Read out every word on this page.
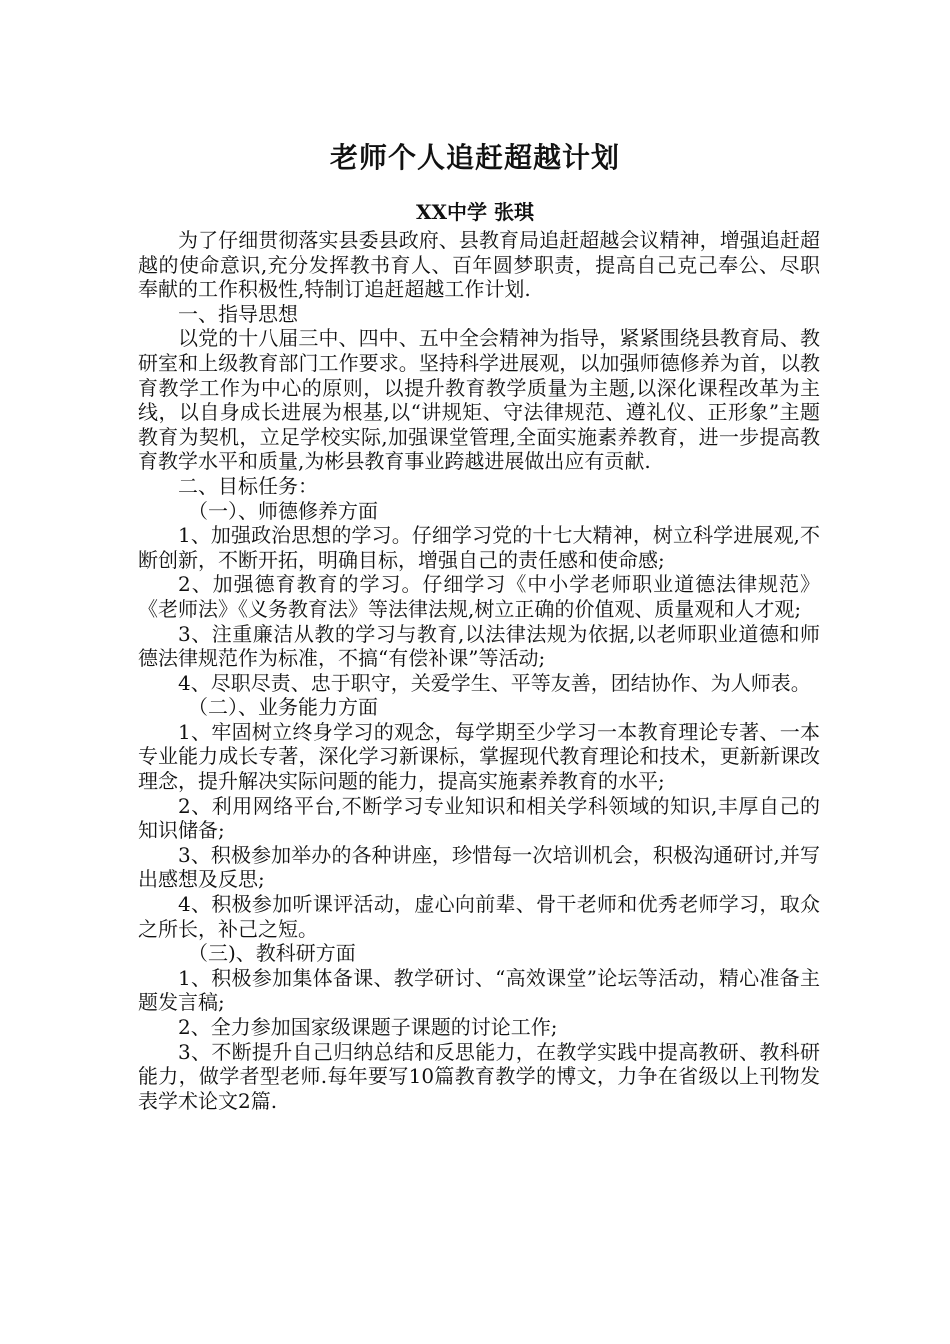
老师个人追赶超越计划
XX中学 张琪

为了仔细贯彻落实县委县政府、县教育局追赶超越会议精神，增强追赶超越的使命意识,充分发挥教书育人、百年圆梦职责，提高自己克己奉公、尽职奉献的工作积极性,特制订追赶超越工作计划.

一、指导思想

以党的十八届三中、四中、五中全会精神为指导，紧紧围绕县教育局、教研室和上级教育部门工作要求。坚持科学进展观，以加强师德修养为首，以教育教学工作为中心的原则，以提升教育教学质量为主题,以深化课程改革为主线，以自身成长进展为根基,以“讲规矩、守法律规范、遵礼仪、正形象”主题教育为契机，立足学校实际,加强课堂管理,全面实施素养教育，进一步提高教育教学水平和质量,为彬县教育事业跨越进展做出应有贡献.

二、目标任务：

（一）、师德修养方面

1、加强政治思想的学习。仔细学习党的十七大精神，树立科学进展观,不断创新，不断开拓，明确目标，增强自己的责任感和使命感;

2、加强德育教育的学习。仔细学习《中小学老师职业道德法律规范》《老师法》《义务教育法》等法律法规,树立正确的价值观、质量观和人才观;

3、注重廉洁从教的学习与教育,以法律法规为依据,以老师职业道德和师德法律规范作为标准，不搞“有偿补课”等活动;

4、尽职尽责、忠于职守，关爱学生、平等友善，团结协作、为人师表。

（二）、业务能力方面

1、牢固树立终身学习的观念，每学期至少学习一本教育理论专著、一本专业能力成长专著，深化学习新课标，掌握现代教育理论和技术，更新新课改理念，提升解决实际问题的能力，提高实施素养教育的水平;

2、利用网络平台,不断学习专业知识和相关学科领域的知识,丰厚自己的知识储备;

3、积极参加举办的各种讲座，珍惜每一次培训机会，积极沟通研讨,并写出感想及反思;

4、积极参加听课评活动，虚心向前辈、骨干老师和优秀老师学习，取众之所长，补己之短。

（三)、教科研方面

1、积极参加集体备课、教学研讨、“高效课堂”论坛等活动，精心准备主题发言稿;

2、全力参加国家级课题子课题的讨论工作;

3、不断提升自己归纳总结和反思能力，在教学实践中提高教研、教科研能力，做学者型老师.每年要写10篇教育教学的博文，力争在省级以上刊物发表学术论文2篇.
